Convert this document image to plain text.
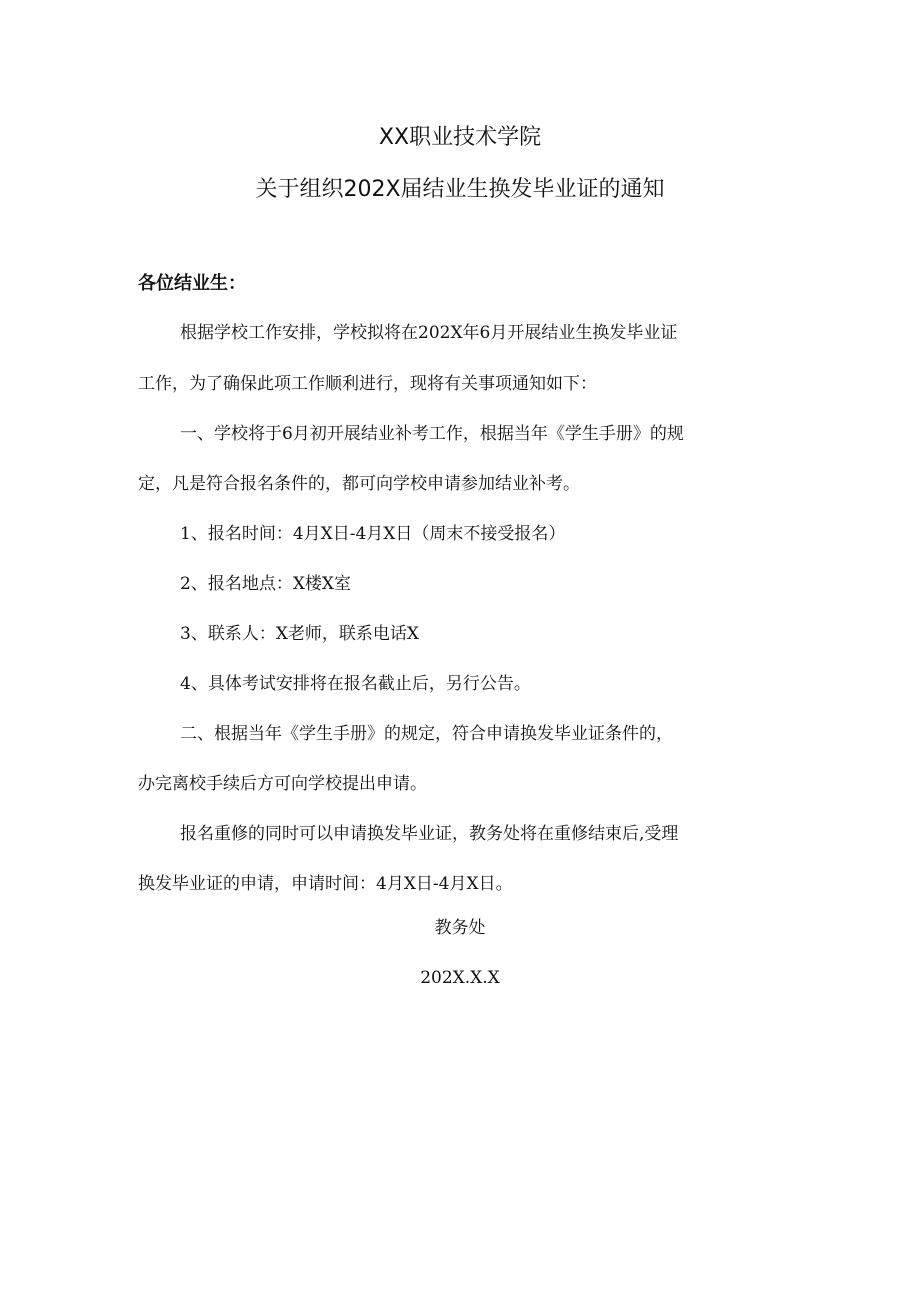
XX职业技术学院
关于组织202X届结业生换发毕业证的通知
各位结业生：
根据学校工作安排，学校拟将在202X年6月开展结业生换发毕业证
工作，为了确保此项工作顺利进行，现将有关事项通知如下：
一、学校将于6月初开展结业补考工作，根据当年《学生手册》的规
定，凡是符合报名条件的，都可向学校申请参加结业补考。
1、报名时间：4月X日-4月X日（周末不接受报名）
2、报名地点：X楼X室
3、联系人：X老师，联系电话X
4、具体考试安排将在报名截止后，另行公告。
二、根据当年《学生手册》的规定，符合申请换发毕业证条件的，
办完离校手续后方可向学校提出申请。
报名重修的同时可以申请换发毕业证，教务处将在重修结束后,受理
换发毕业证的申请，申请时间：4月X日-4月X日。
教务处
202X.X.X
